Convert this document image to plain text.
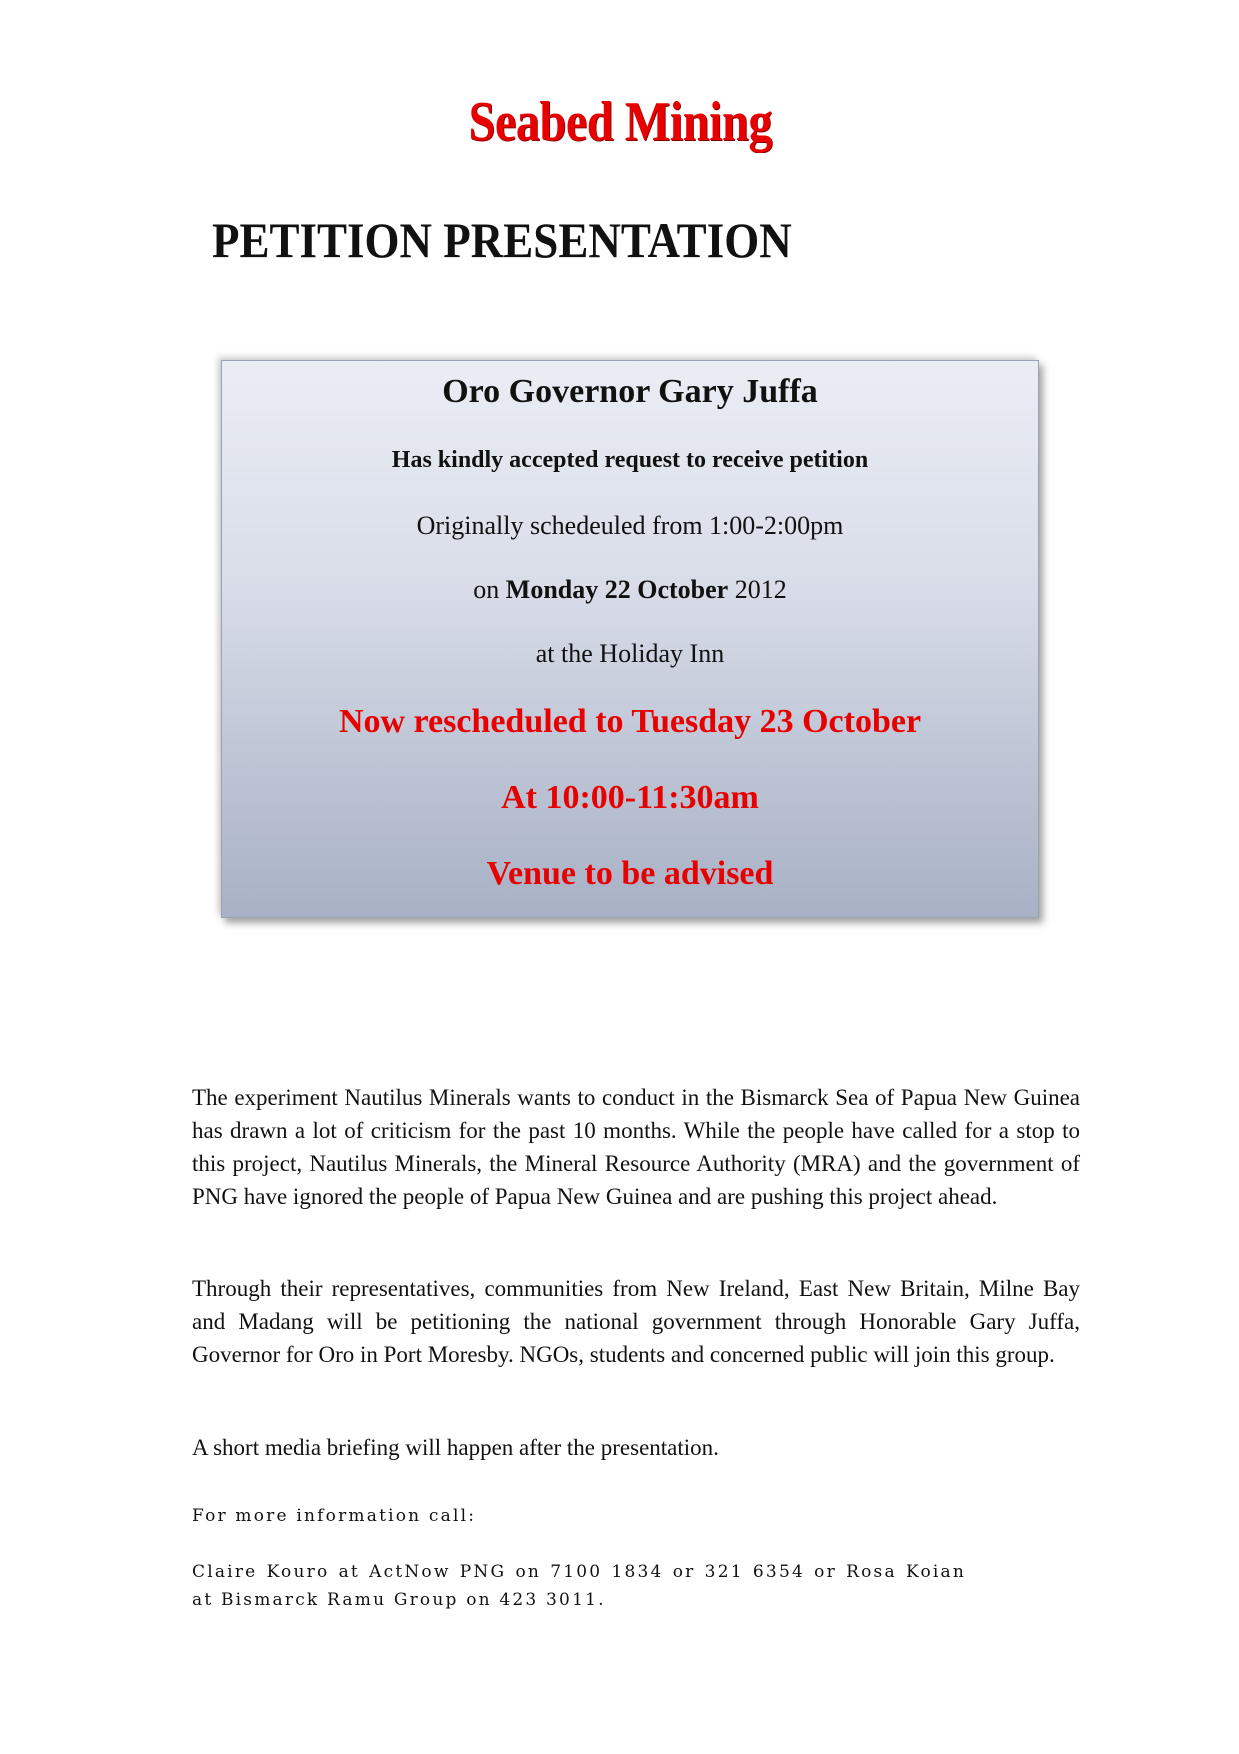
Seabed Mining
PETITION PRESENTATION
Oro Governor Gary Juffa
Has kindly accepted request to receive petition
Originally schedeuled from 1:00-2:00pm
on Monday 22 October 2012
at the Holiday Inn
Now rescheduled to Tuesday 23 October
At 10:00-11:30am
Venue to be advised

The experiment Nautilus Minerals wants to conduct in the Bismarck Sea of Papua New Guinea has drawn a lot of criticism for the past 10 months. While the people have called for a stop to this project, Nautilus Minerals, the Mineral Resource Authority (MRA) and the government of PNG have ignored the people of Papua New Guinea and are pushing this project ahead.

Through their representatives, communities from New Ireland, East New Britain, Milne Bay and Madang will be petitioning the national government through Honorable Gary Juffa, Governor for Oro in Port Moresby. NGOs, students and concerned public will join this group.

A short media briefing will happen after the presentation.

For more information call:

Claire Kouro at ActNow PNG on 7100 1834 or 321 6354 or Rosa Koian at Bismarck Ramu Group on 423 3011.
